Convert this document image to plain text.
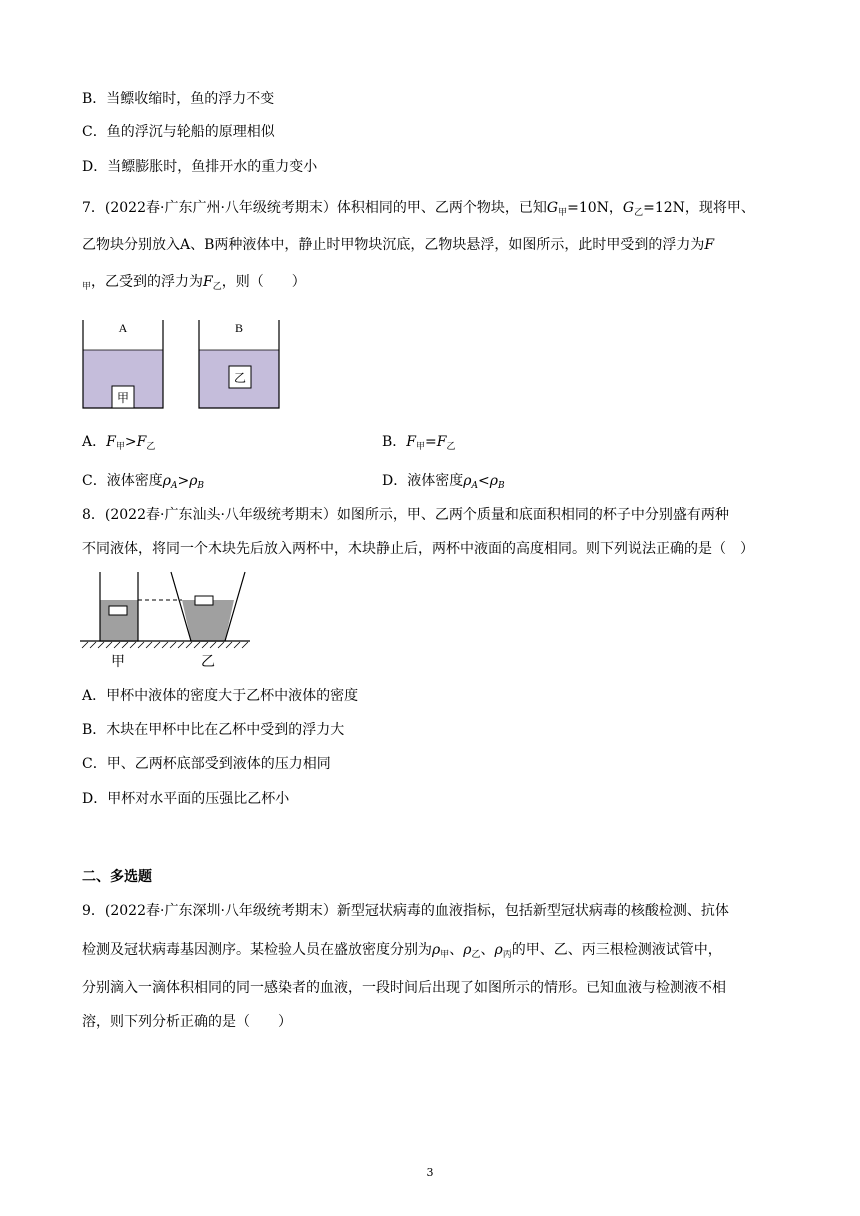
B．当鳔收缩时，鱼的浮力不变
C．鱼的浮沉与轮船的原理相似
D．当鳔膨胀时，鱼排开水的重力变小
7．(2022春·广东广州·八年级统考期末）体积相同的甲、乙两个物块，已知$G_甲=10N$，$G_乙=12N$，现将甲、
乙物块分别放入A、B两种液体中，静止时甲物块沉底，乙物块悬浮，如图所示，此时甲受到的浮力为F
$_甲$，乙受到的浮力为$F_乙$，则（　　）
A
甲
B
乙
A．$F_甲>F_乙$	B．$F_甲=F_乙$
C．液体密度$\rho_A>\rho_B$	D．液体密度$\rho_A<\rho_B$
8．(2022春·广东汕头·八年级统考期末）如图所示，甲、乙两个质量和底面积相同的杯子中分别盛有两种
不同液体，将同一个木块先后放入两杯中，木块静止后，两杯中液面的高度相同。则下列说法正确的是（　）
甲	乙
A．甲杯中液体的密度大于乙杯中液体的密度
B．木块在甲杯中比在乙杯中受到的浮力大
C．甲、乙两杯底部受到液体的压力相同
D．甲杯对水平面的压强比乙杯小
二、多选题
9．(2022春·广东深圳·八年级统考期末）新型冠状病毒的血液指标，包括新型冠状病毒的核酸检测、抗体
检测及冠状病毒基因测序。某检验人员在盛放密度分别为$\rho_甲$、$\rho_乙$、$\rho_丙$的甲、乙、丙三根检测液试管中，
分别滴入一滴体积相同的同一感染者的血液，一段时间后出现了如图所示的情形。已知血液与检测液不相
溶，则下列分析正确的是（　　）
3
